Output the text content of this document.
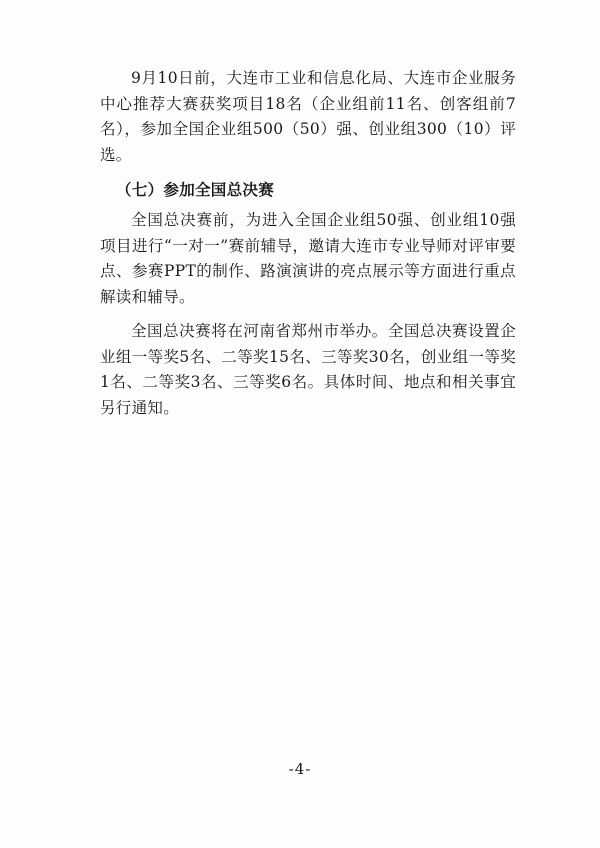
9月10日前，大连市工业和信息化局、大连市企业服务中心推荐大赛获奖项目18名（企业组前11名、创客组前7名），参加全国企业组500（50）强、创业组300（10）评选。

（七）参加全国总决赛

全国总决赛前，为进入全国企业组50强、创业组10强项目进行“一对一”赛前辅导，邀请大连市专业导师对评审要点、参赛PPT的制作、路演演讲的亮点展示等方面进行重点解读和辅导。

全国总决赛将在河南省郑州市举办。全国总决赛设置企业组一等奖5名、二等奖15名、三等奖30名，创业组一等奖1名、二等奖3名、三等奖6名。具体时间、地点和相关事宜另行通知。

-4-
